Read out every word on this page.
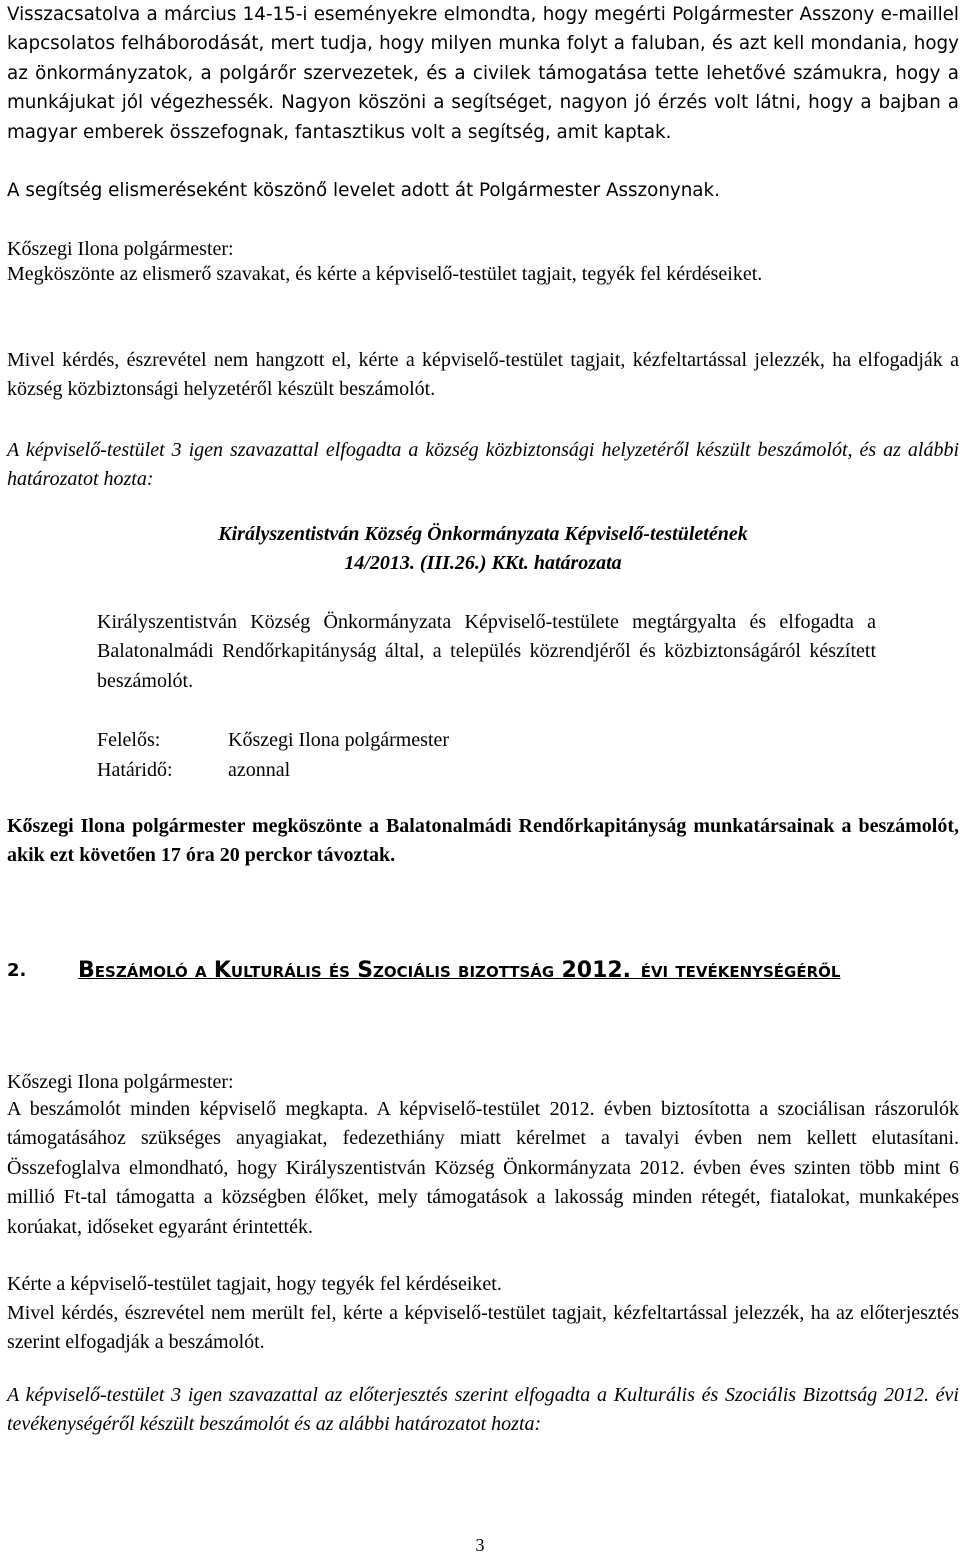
Visszacsatolva a március 14-15-i eseményekre elmondta, hogy megérti Polgármester Asszony e-maillel kapcsolatos felháborodását, mert tudja, hogy milyen munka folyt a faluban, és azt kell mondania, hogy az önkormányzatok, a polgárőr szervezetek, és a civilek támogatása tette lehetővé számukra, hogy a munkájukat jól végezhessék. Nagyon köszöni a segítséget, nagyon jó érzés volt látni, hogy a bajban a magyar emberek összefognak, fantasztikus volt a segítség, amit kaptak.

A segítség elismeréseként köszönő levelet adott át Polgármester Asszonynak.

Kőszegi Ilona polgármester:

Megköszönte az elismerő szavakat, és kérte a képviselő-testület tagjait, tegyék fel kérdéseiket.

Mivel kérdés, észrevétel nem hangzott el, kérte a képviselő-testület tagjait, kézfeltartással jelezzék, ha elfogadják a község közbiztonsági helyzetéről készült beszámolót.

A képviselő-testület 3 igen szavazattal elfogadta a község közbiztonsági helyzetéről készült beszámolót, és az alábbi határozatot hozta:

Királyszentistván Község Önkormányzata Képviselő-testületének

14/2013. (III.26.) KKt. határozata

Királyszentistván Község Önkormányzata Képviselő-testülete megtárgyalta és elfogadta a Balatonalmádi Rendőrkapitányság által, a település közrendjéről és közbiztonságáról készített beszámolót.

Felelős:	Kőszegi Ilona polgármester
Határidő:	azonnal

Kőszegi Ilona polgármester megköszönte a Balatonalmádi Rendőrkapitányság munkatársainak a beszámolót, akik ezt követően 17 óra 20 perckor távoztak.

2. BESZÁMOLÓ A KULTURÁLIS ÉS SZOCIÁLIS BIZOTTSÁG 2012. ÉVI TEVÉKENYSÉGÉRŐL

Kőszegi Ilona polgármester:

A beszámolót minden képviselő megkapta. A képviselő-testület 2012. évben biztosította a szociálisan rászorulók támogatásához szükséges anyagiakat, fedezethiány miatt kérelmet a tavalyi évben nem kellett elutasítani. Összefoglalva elmondható, hogy Királyszentistván Község Önkormányzata 2012. évben éves szinten több mint 6 millió Ft-tal támogatta a községben élőket, mely támogatások a lakosság minden rétegét, fiatalokat, munkaképes korúakat, időseket egyaránt érintették.

Kérte a képviselő-testület tagjait, hogy tegyék fel kérdéseiket.

Mivel kérdés, észrevétel nem merült fel, kérte a képviselő-testület tagjait, kézfeltartással jelezzék, ha az előterjesztés szerint elfogadják a beszámolót.

A képviselő-testület 3 igen szavazattal az előterjesztés szerint elfogadta a Kulturális és Szociális Bizottság 2012. évi tevékenységéről készült beszámolót és az alábbi határozatot hozta:

3
